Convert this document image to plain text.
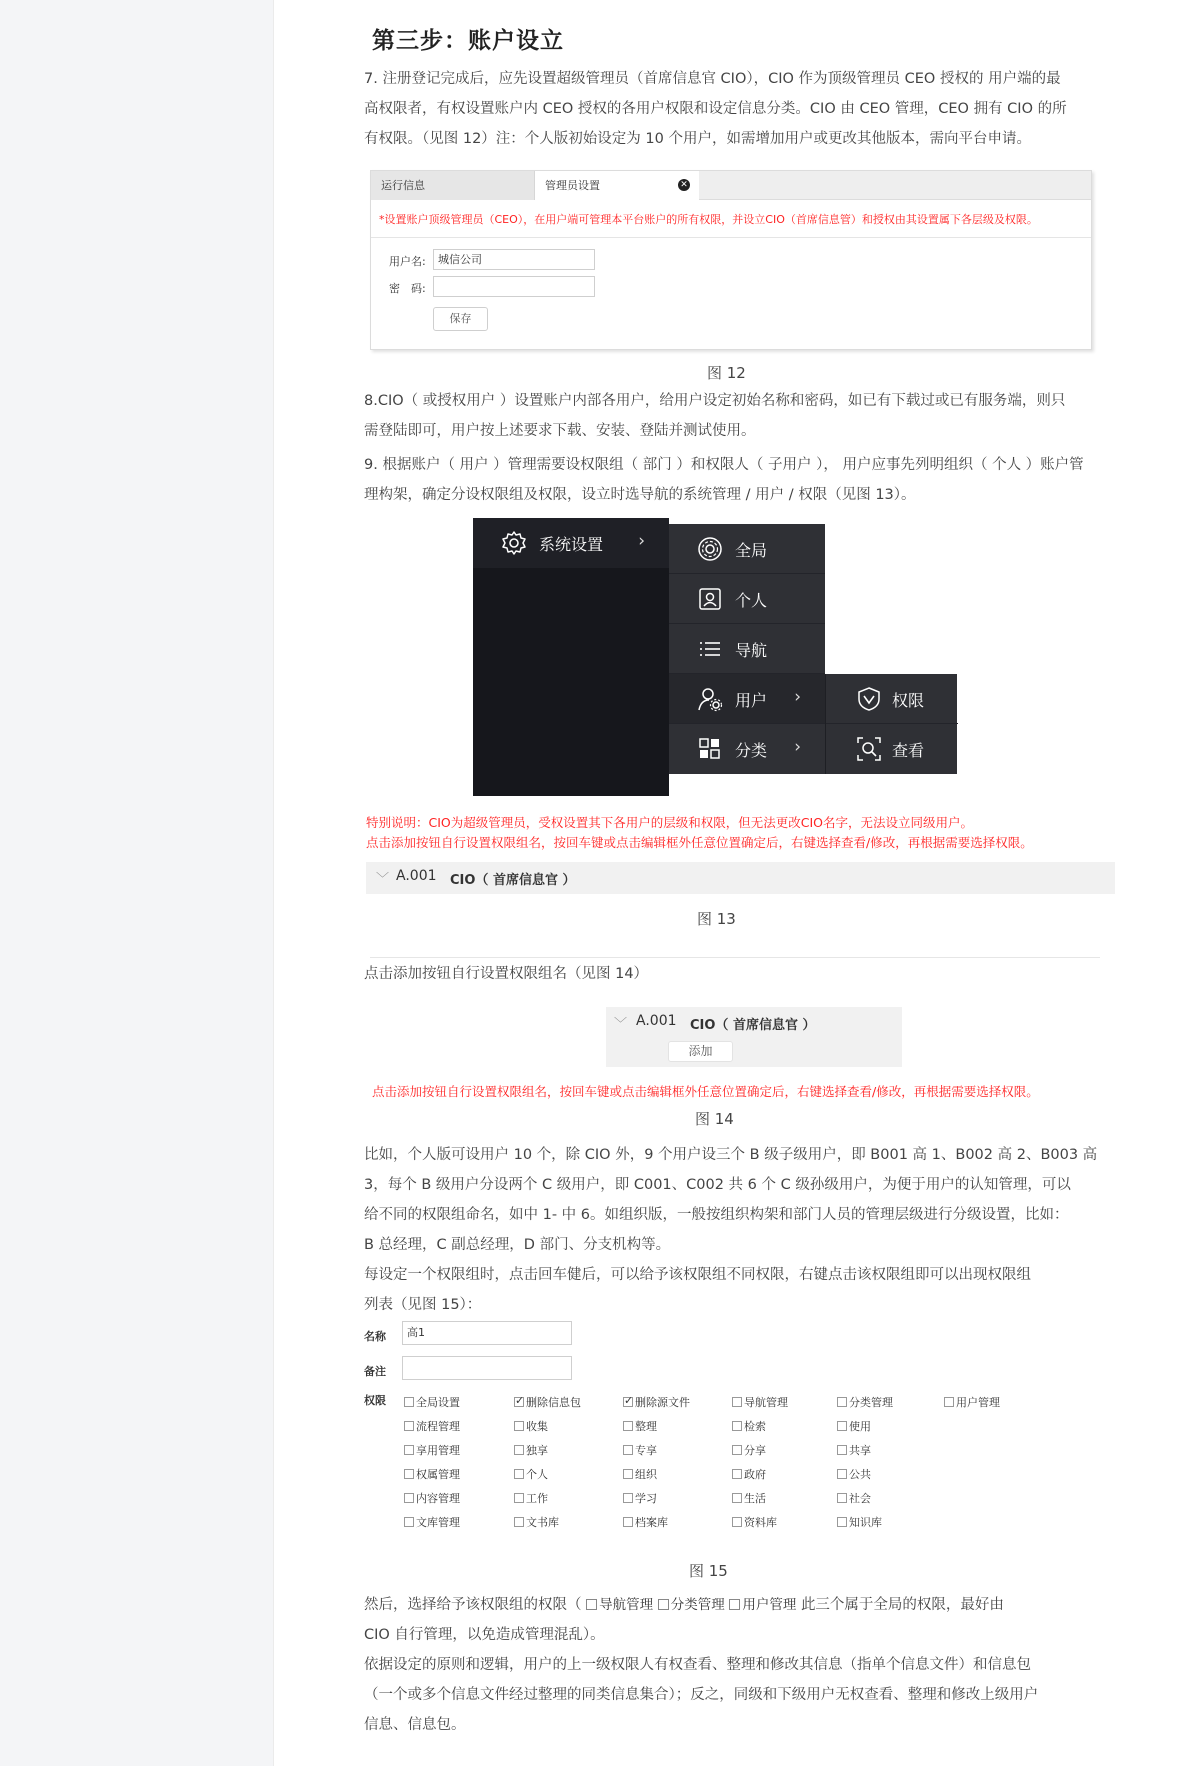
第三步：账户设立
7. 注册登记完成后，应先设置超级管理员（首席信息官 CIO），CIO 作为顶级管理员 CEO 授权的 用户端的最
高权限者，有权设置账户内 CEO 授权的各用户权限和设定信息分类。CIO 由 CEO 管理，CEO 拥有 CIO 的所
有权限。（见图 12）注：个人版初始设定为 10 个用户，如需增加用户或更改其他版本，需向平台申请。
运行信息	管理员设置	✕
*设置账户顶级管理员（CEO），在用户端可管理本平台账户的所有权限，并设立CIO（首席信息管）和授权由其设置属下各层级及权限。
用户名:	城信公司
密　码:
保存
图 12
8.CIO（ 或授权用户 ）设置账户内部各用户，给用户设定初始名称和密码，如已有下载过或已有服务端，则只
需登陆即可，用户按上述要求下载、安装、登陆并测试使用。
9. 根据账户（ 用户 ）管理需要设权限组（ 部门 ）和权限人（ 子用户 ）， 用户应事先列明组织（ 个人 ）账户管
理构架，确定分设权限组及权限，设立时选导航的系统管理 / 用户 / 权限（见图 13）。
系统设置 ›	全局
个人
导航
用户 ›
分类 ›
权限
查看
特别说明：CIO为超级管理员，受权设置其下各用户的层级和权限，但无法更改CIO名字，无法设立同级用户。
点击添加按钮自行设置权限组名，按回车键或点击编辑框外任意位置确定后，右键选择查看/修改，再根据需要选择权限。
﹀ A.001 CIO（ 首席信息官 ）
图 13
点击添加按钮自行设置权限组名（见图 14）
﹀ A.001 CIO（ 首席信息官 ）
添加
点击添加按钮自行设置权限组名，按回车键或点击编辑框外任意位置确定后，右键选择查看/修改，再根据需要选择权限。
图 14
比如，个人版可设用户 10 个，除 CIO 外，9 个用户设三个 B 级子级用户，即 B001 高 1、B002 高 2、B003 高
3，每个 B 级用户分设两个 C 级用户，即 C001、C002 共 6 个 C 级孙级用户，为便于用户的认知管理，可以
给不同的权限组命名，如中 1- 中 6。如组织版，一般按组织构架和部门人员的管理层级进行分级设置，比如：
B 总经理，C 副总经理，D 部门、分支机构等。
每设定一个权限组时，点击回车健后，可以给予该权限组不同权限，右键点击该权限组即可以出现权限组
列表（见图 15）：
名称	高1
备注
权限	全局设置 ✓	删除信息包 ✓	删除源文件	导航管理	分类管理	用户管理
流程管理	收集	整理	检索	使用
享用管理	独享	专享	分享	共享
权属管理	个人	组织	政府	公共
内容管理	工作	学习	生活	社会
文库管理	文书库	档案库	资料库	知识库
图 15
然后，选择给予该权限组的权限（ 导航管理 分类管理 用户管理 此三个属于全局的权限，最好由
CIO 自行管理，以免造成管理混乱）。
依据设定的原则和逻辑，用户的上一级权限人有权查看、整理和修改其信息（指单个信息文件）和信息包
（一个或多个信息文件经过整理的同类信息集合）；反之，同级和下级用户无权查看、整理和修改上级用户
信息、信息包。
